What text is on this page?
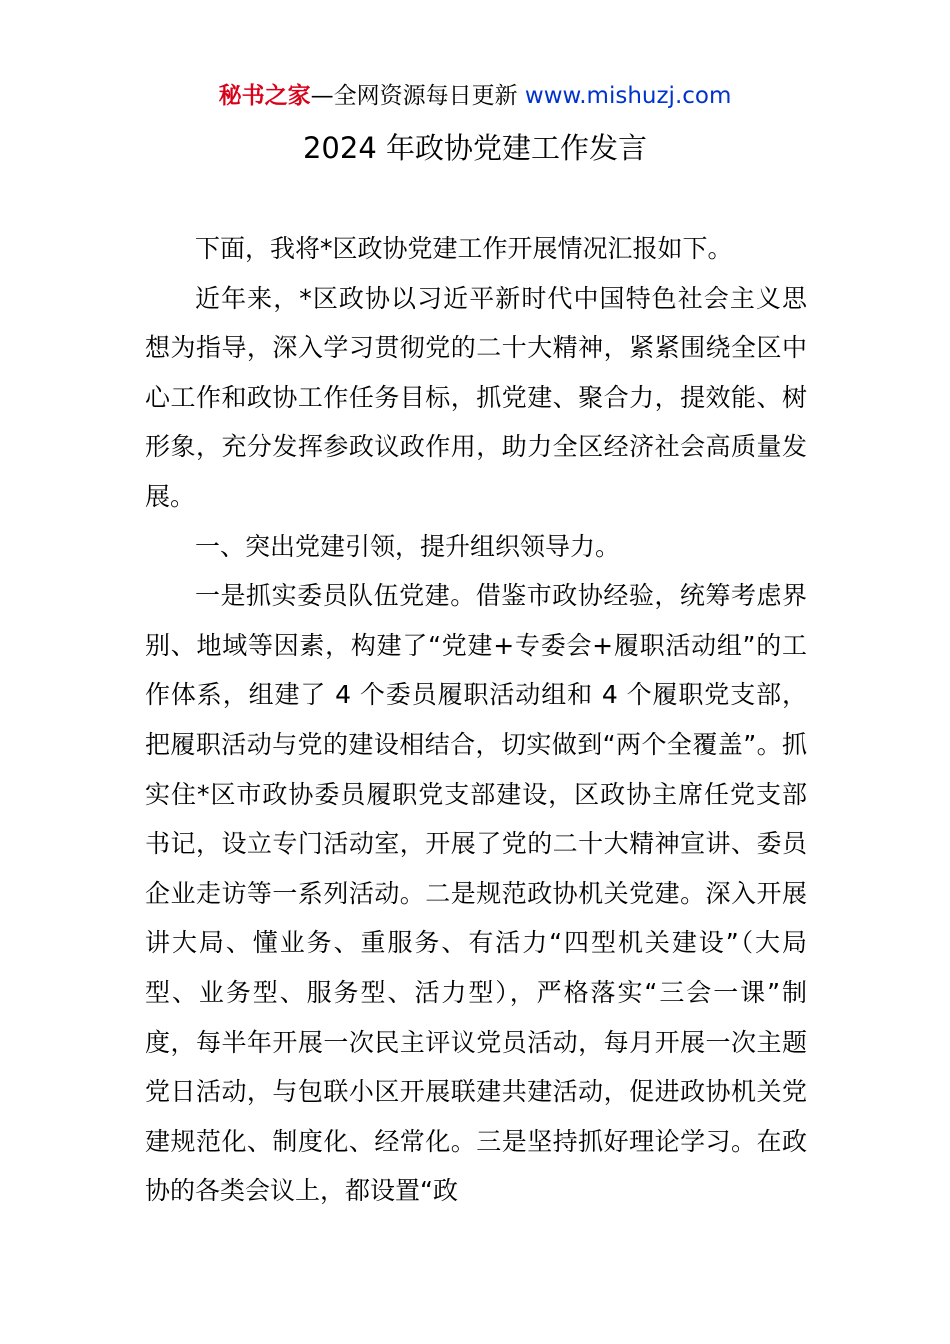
秘书之家—全网资源每日更新 www.mishuzj.com
2024 年政协党建工作发言

下面，我将*区政协党建工作开展情况汇报如下。

近年来，*区政协以习近平新时代中国特色社会主义思想为指导，深入学习贯彻党的二十大精神，紧紧围绕全区中心工作和政协工作任务目标，抓党建、聚合力，提效能、树形象，充分发挥参政议政作用，助力全区经济社会高质量发展。

一、突出党建引领，提升组织领导力。

一是抓实委员队伍党建。借鉴市政协经验，统筹考虑界别、地域等因素，构建了“党建+专委会+履职活动组”的工作体系，组建了 4 个委员履职活动组和 4 个履职党支部，把履职活动与党的建设相结合，切实做到“两个全覆盖”。抓实住*区市政协委员履职党支部建设，区政协主席任党支部书记，设立专门活动室，开展了党的二十大精神宣讲、委员企业走访等一系列活动。二是规范政协机关党建。深入开展讲大局、懂业务、重服务、有活力“四型机关建设”（大局型、业务型、服务型、活力型），严格落实“三会一课”制度，每半年开展一次民主评议党员活动，每月开展一次主题党日活动，与包联小区开展联建共建活动，促进政协机关党建规范化、制度化、经常化。三是坚持抓好理论学习。在政协的各类会议上，都设置“政
